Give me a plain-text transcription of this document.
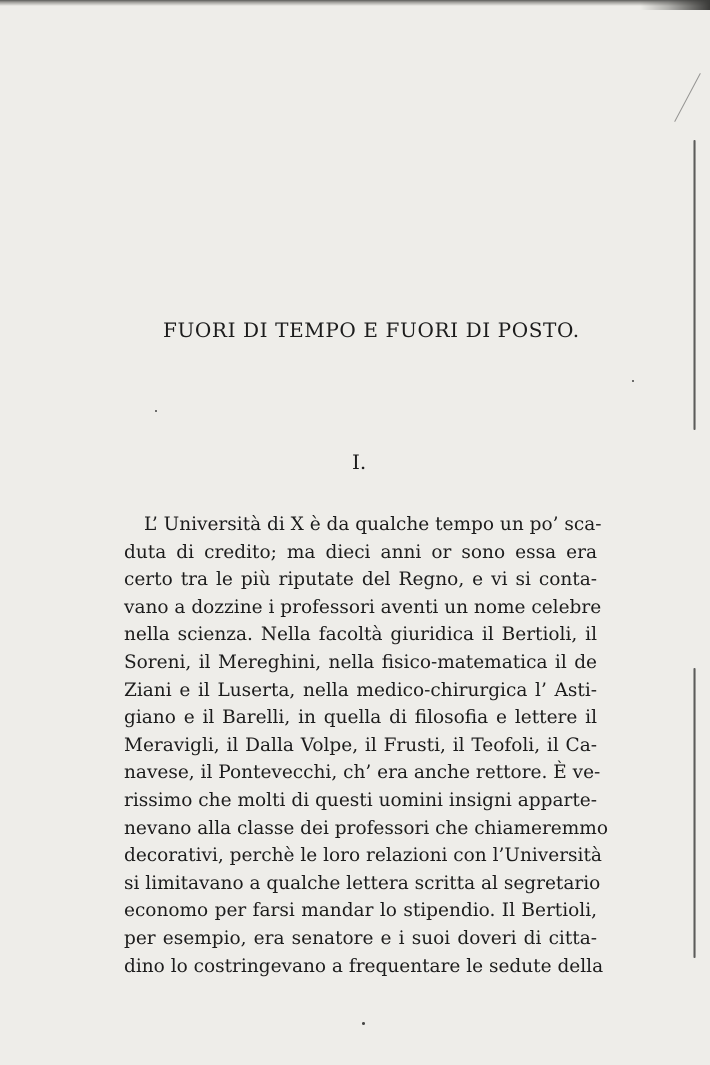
FUORI DI TEMPO E FUORI DI POSTO.
I.
L’ Università di X è da qualche tempo un po’ sca-
duta di credito; ma dieci anni or sono essa era
certo tra le più riputate del Regno, e vi si conta-
vano a dozzine i professori aventi un nome celebre
nella scienza. Nella facoltà giuridica il Bertioli, il
Soreni, il Mereghini, nella fisico-matematica il de
Ziani e il Luserta, nella medico-chirurgica l’ Asti-
giano e il Barelli, in quella di filosofia e lettere il
Meravigli, il Dalla Volpe, il Frusti, il Teofoli, il Ca-
navese, il Pontevecchi, ch’ era anche rettore. È ve-
rissimo che molti di questi uomini insigni apparte-
nevano alla classe dei professori che chiameremmo
decorativi, perchè le loro relazioni con l’Università
si limitavano a qualche lettera scritta al segretario
economo per farsi mandar lo stipendio. Il Bertioli,
per esempio, era senatore e i suoi doveri di citta-
dino lo costringevano a frequentare le sedute della
